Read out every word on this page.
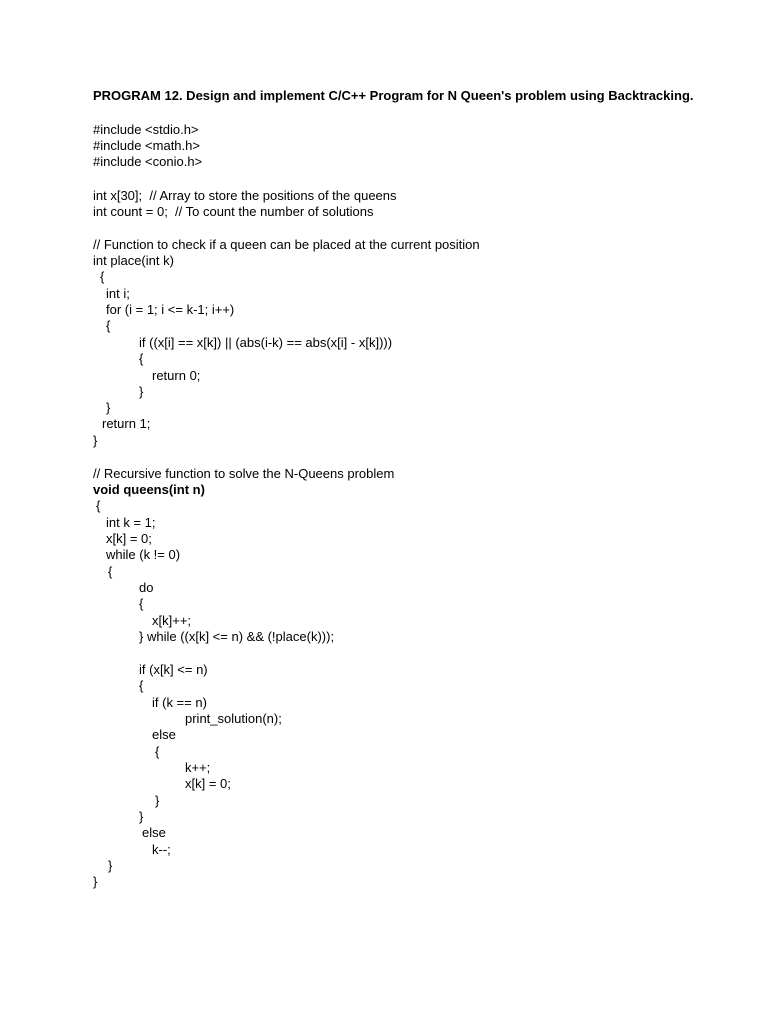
PROGRAM 12. Design and implement C/C++ Program for N Queen's problem using Backtracking.
#include <stdio.h>
#include <math.h>
#include <conio.h>
int x[30];  // Array to store the positions of the queens
int count = 0;  // To count the number of solutions
// Function to check if a queen can be placed at the current position
int place(int k)
{
int i;
for (i = 1; i <= k-1; i++)
{
if ((x[i] == x[k]) || (abs(i-k) == abs(x[i] - x[k])))
{
return 0;
}
}
return 1;
}
// Recursive function to solve the N-Queens problem
void queens(int n)
{
int k = 1;
x[k] = 0;
while (k != 0)
{
do
{
x[k]++;
} while ((x[k] <= n) && (!place(k)));
if (x[k] <= n)
{
if (k == n)
print_solution(n);
else
{
k++;
x[k] = 0;
}
}
else
k--;
}
}
